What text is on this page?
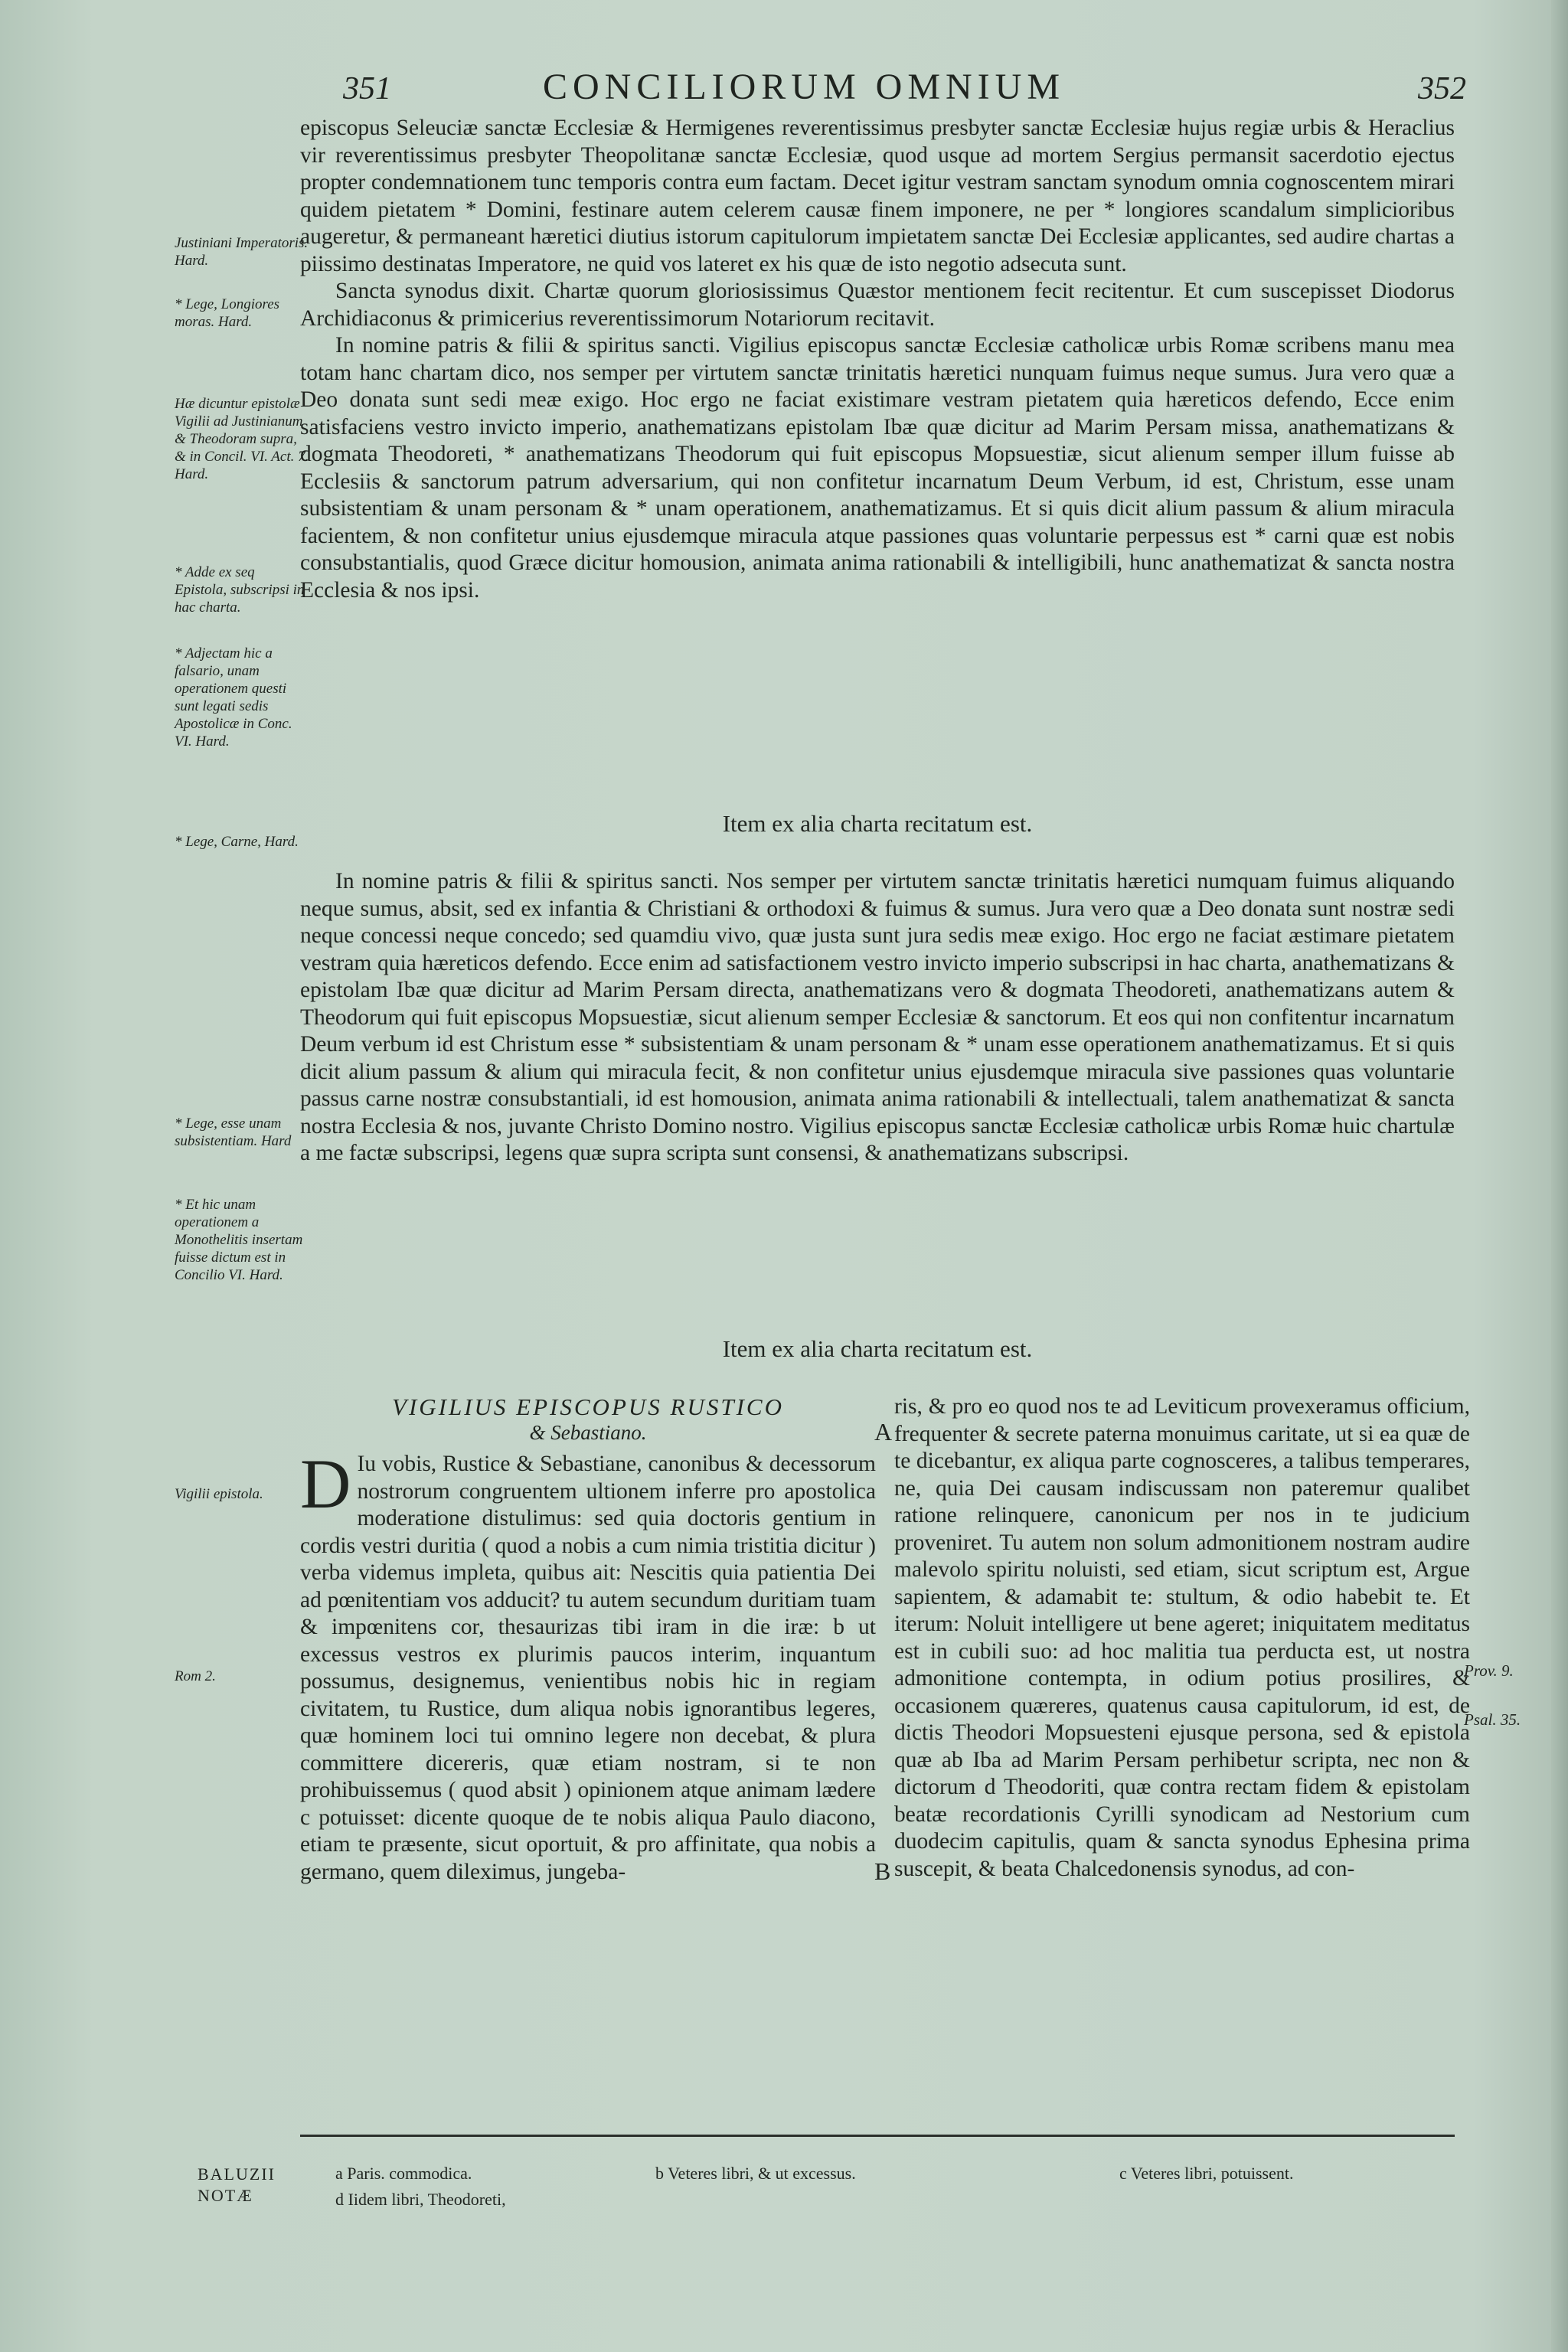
351	CONCILIORUM OMNIUM	352

episcopus Seleuciæ sanctæ Ecclesiæ & Hermigenes reverentissimus presbyter sanctæ Ecclesiæ hujus regiæ urbis & Heraclius vir reverentissimus presbyter Theopolitanæ sanctæ Ecclesiæ, quod usque ad mortem Sergius permansit sacerdotio ejectus propter condemnationem tunc temporis contra eum factam. Decet igitur vestram sanctam synodum omnia cognoscentem mirari quidem pietatem * Domini, festinare autem celerem causæ finem imponere, ne per * longiores scandalum simplicioribus augeretur, & permaneant hæretici diutius istorum capitulorum impietatem sanctæ Dei Ecclesiæ applicantes, sed audire chartas a piissimo destinatas Imperatore, ne quid vos lateret ex his quæ de isto negotio adsecuta sunt.

Sancta synodus dixit. Chartæ quorum gloriosissimus Quæstor mentionem fecit recitentur. Et cum suscepisset Diodorus Archidiaconus & primicerius reverentissimorum Notariorum recitavit.

In nomine patris & filii & spiritus sancti. Vigilius episcopus sanctæ Ecclesiæ catholicæ urbis Romæ scribens manu mea totam hanc chartam dico, nos semper per virtutem sanctæ trinitatis hæretici nunquam fuimus neque sumus. Jura vero quæ a Deo donata sunt sedi meæ exigo. Hoc ergo ne faciat existimare vestram pietatem quia hæreticos defendo, Ecce enim satisfaciens vestro invicto imperio, anathematizans epistolam Ibæ quæ dicitur ad Marim Persam missa, anathematizans & dogmata Theodoreti, * anathematizans Theodorum qui fuit episcopus Mopsuestiæ, sicut alienum semper illum fuisse ab Ecclesiis & sanctorum patrum adversarium, qui non confitetur incarnatum Deum Verbum, id est, Christum, esse unam subsistentiam & unam personam & * unam operationem, anathematizamus. Et si quis dicit alium passum & alium miracula facientem, & non confitetur unius ejusdemque miracula atque passiones quas voluntarie perpessus est * carni quæ est nobis consubstantialis, quod Græce dicitur homousion, animata anima rationabili & intelligibili, hunc anathematizat & sancta nostra Ecclesia & nos ipsi.

Item ex alia charta recitatum est.

In nomine patris & filii & spiritus sancti. Nos semper per virtutem sanctæ trinitatis hæretici numquam fuimus aliquando neque sumus, absit, sed ex infantia & Christiani & orthodoxi & fuimus & sumus. Jura vero quæ a Deo donata sunt nostræ sedi neque concessi neque concedo; sed quamdiu vivo, quæ justa sunt jura sedis meæ exigo. Hoc ergo ne faciat æstimare pietatem vestram quia hæreticos defendo. Ecce enim ad satisfactionem vestro invicto imperio subscripsi in hac charta, anathematizans & epistolam Ibæ quæ dicitur ad Marim Persam directa, anathematizans vero & dogmata Theodoreti, anathematizans autem & Theodorum qui fuit episcopus Mopsuestiæ, sicut alienum semper Ecclesiæ & sanctorum. Et eos qui non confitentur incarnatum Deum verbum id est Christum esse * subsistentiam & unam personam & * unam esse operationem anathematizamus. Et si quis dicit alium passum & alium qui miracula fecit, & non confitetur unius ejusdemque miracula sive passiones quas voluntarie passus carne nostræ consubstantiali, id est homousion, animata anima rationabili & intellectuali, talem anathematizat & sancta nostra Ecclesia & nos, juvante Christo Domino nostro. Vigilius episcopus sanctæ Ecclesiæ catholicæ urbis Romæ huic chartulæ a me factæ subscripsi, legens quæ supra scripta sunt consensi, & anathematizans subscripsi.

Item ex alia charta recitatum est.
VIGILIUS EPISCOPUS RUSTICO
& Sebastiano.

D Iu vobis, Rustice & Sebastiane, canonibus & decessorum nostrorum congruentem ultionem inferre pro apostolica moderatione distulimus: sed quia doctoris gentium in cordis vestri duritia ( quod a nobis a cum nimia tristitia dicitur ) verba videmus impleta, quibus ait: Nescitis quia patientia Dei ad pœnitentiam vos adducit? tu autem secundum duritiam tuam & impœnitens cor, thesaurizas tibi iram in die iræ: b ut excessus vestros ex plurimis paucos interim, inquantum possumus, designemus, venientibus nobis hic in regiam civitatem, tu Rustice, dum aliqua nobis ignorantibus legeres, quæ hominem loci tui omnino legere non decebat, & plura committere dicereris, quæ etiam nostram, si te non prohibuissemus ( quod absit ) opinionem atque animam lædere c potuisset: dicente quoque de te nobis aliqua Paulo diacono, etiam te præsente, sicut oportuit, & pro affinitate, qua nobis a germano, quem dileximus, jungeba-

ris, & pro eo quod nos te ad Leviticum provexeramus officium, frequenter & secrete paterna monuimus caritate, ut si ea quæ de te dicebantur, ex aliqua parte cognosceres, a talibus temperares, ne, quia Dei causam indiscussam non pateremur qualibet ratione relinquere, canonicum per nos in te judicium proveniret. Tu autem non solum admonitionem nostram audire malevolo spiritu noluisti, sed etiam, sicut scriptum est, Argue sapientem, & adamabit te: stultum, & odio habebit te. Et iterum: Noluit intelligere ut bene ageret; iniquitatem meditatus est in cubili suo: ad hoc malitia tua perducta est, ut nostra admonitione contempta, in odium potius prosilires, & occasionem quæreres, quatenus causa capitulorum, id est, de dictis Theodori Mopsuesteni ejusque persona, sed & epistola quæ ab Iba ad Marim Persam perhibetur scripta, nec non & dictorum d Theodoriti, quæ contra rectam fidem & epistolam beatæ recordationis Cyrilli synodicam ad Nestorium cum duodecim capitulis, quam & sancta synodus Ephesina prima suscepit, & beata Chalcedonensis synodus, ad con-

A
B
Justiniani Imperatoris. Hard.
* Lege, Longiores moras. Hard.
Hæ dicuntur epistolæ Vigilii ad Justinianum & Theodoram supra, & in Concil. VI. Act. 7. Hard.
* Adde ex seq Epistola, subscripsi in hac charta.
* Adjectam hic a falsario, unam operationem questi sunt legati sedis Apostolicæ in Conc. VI. Hard.
* Lege, Carne, Hard.
* Lege, esse unam subsistentiam. Hard
* Et hic unam operationem a Monothelitis insertam fuisse dictum est in Concilio VI. Hard.
Vigilii epistola.
Rom 2.	Prov. 9.
Psal. 35.
BALUZII NOTÆ
a Paris. commodica.	b Veteres libri, & ut excessus.	c Veteres libri, potuissent.
d Iidem libri, Theodoreti,
